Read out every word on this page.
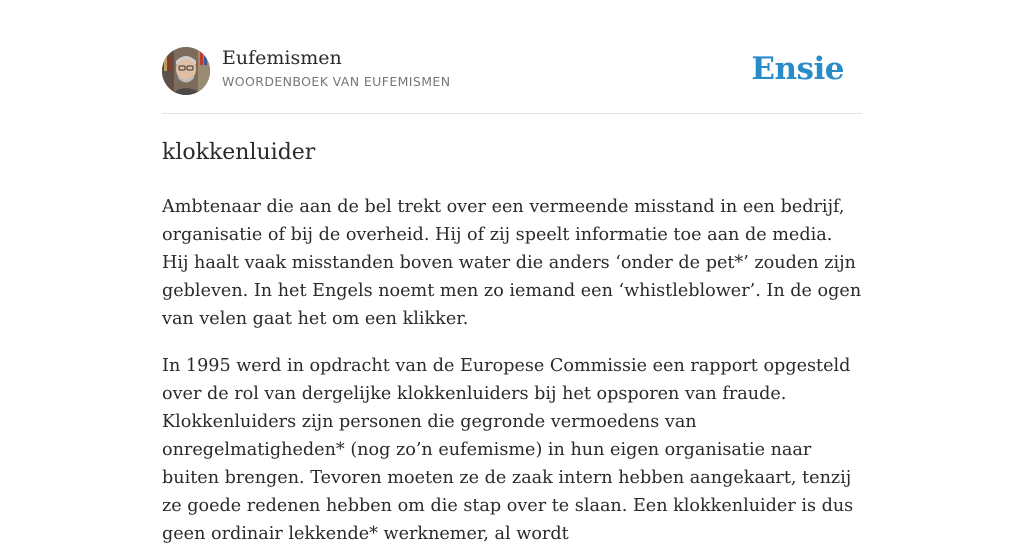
Eufemismen
WOORDENBOEK VAN EUFEMISMEN	Ensie
klokkenluider

Ambtenaar die aan de bel trekt over een vermeende misstand in een bedrijf, organisatie of bij de overheid. Hij of zij speelt informatie toe aan de media. Hij haalt vaak misstanden boven water die anders ‘onder de pet*’ zouden zijn gebleven. In het Engels noemt men zo iemand een ‘whistleblower’. In de ogen van velen gaat het om een klikker.

In 1995 werd in opdracht van de Europese Commissie een rapport opgesteld over de rol van dergelijke klokkenluiders bij het opsporen van fraude. Klokkenluiders zijn personen die gegronde vermoedens van onregelmatigheden* (nog zo’n eufemisme) in hun eigen organisatie naar buiten brengen. Tevoren moeten ze de zaak intern hebben aangekaart, tenzij ze goede redenen hebben om die stap over te slaan. Een klokkenluider is dus geen ordinair lekkende* werknemer, al wordt
